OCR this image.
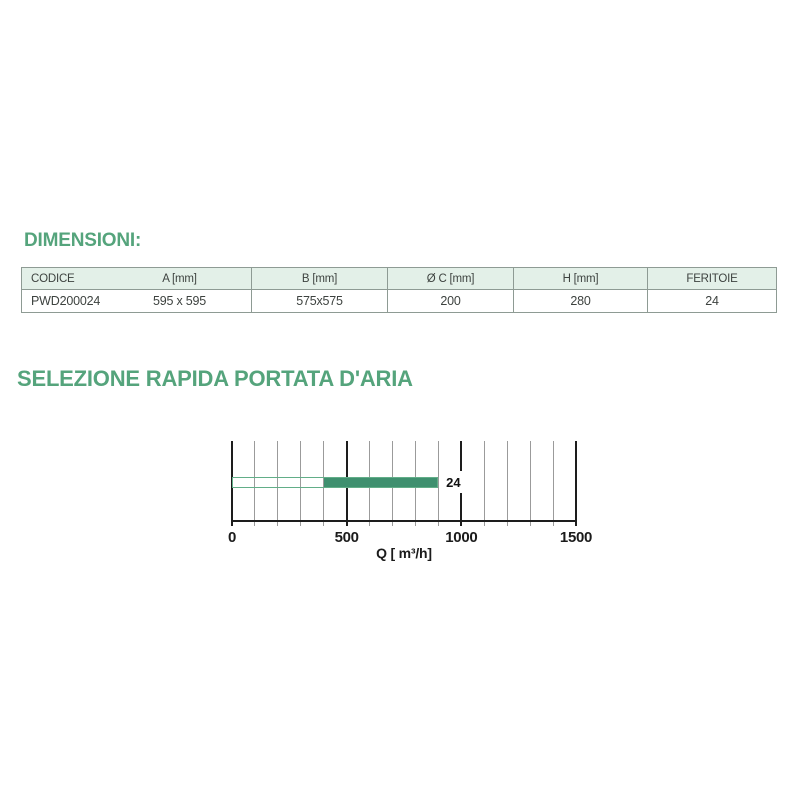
DIMENSIONI:
CODICE	A [mm]	B [mm]	Ø C [mm]	H [mm]	FERITOIE
PWD200024	595 x 595	575x575	200	280	24
SELEZIONE RAPIDA PORTATA D'ARIA
24
0	500	1000	1500
Q [ m³/h]
